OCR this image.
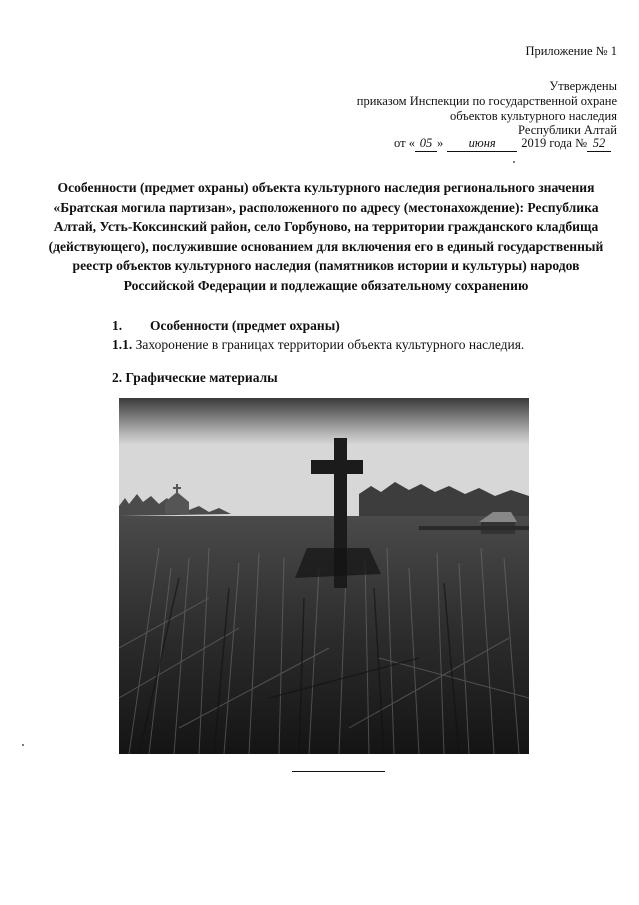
Приложение № 1
Утверждены
приказом Инспекции по государственной охране
объектов культурного наследия
Республики Алтай
от « 05 » июня 2019 года № 52
Особенности (предмет охраны) объекта культурного наследия регионального значения «Братская могила партизан», расположенного по адресу (местонахождение): Республика Алтай, Усть-Коксинский район, село Горбуново, на территории гражданского кладбища (действующего), послужившие основанием для включения его в единый государственный реестр объектов культурного наследия (памятников истории и культуры) народов Российской Федерации и подлежащие обязательному сохранению
1. Особенности (предмет охраны)
1.1. Захоронение в границах территории объекта культурного наследия.
2. Графические материалы
